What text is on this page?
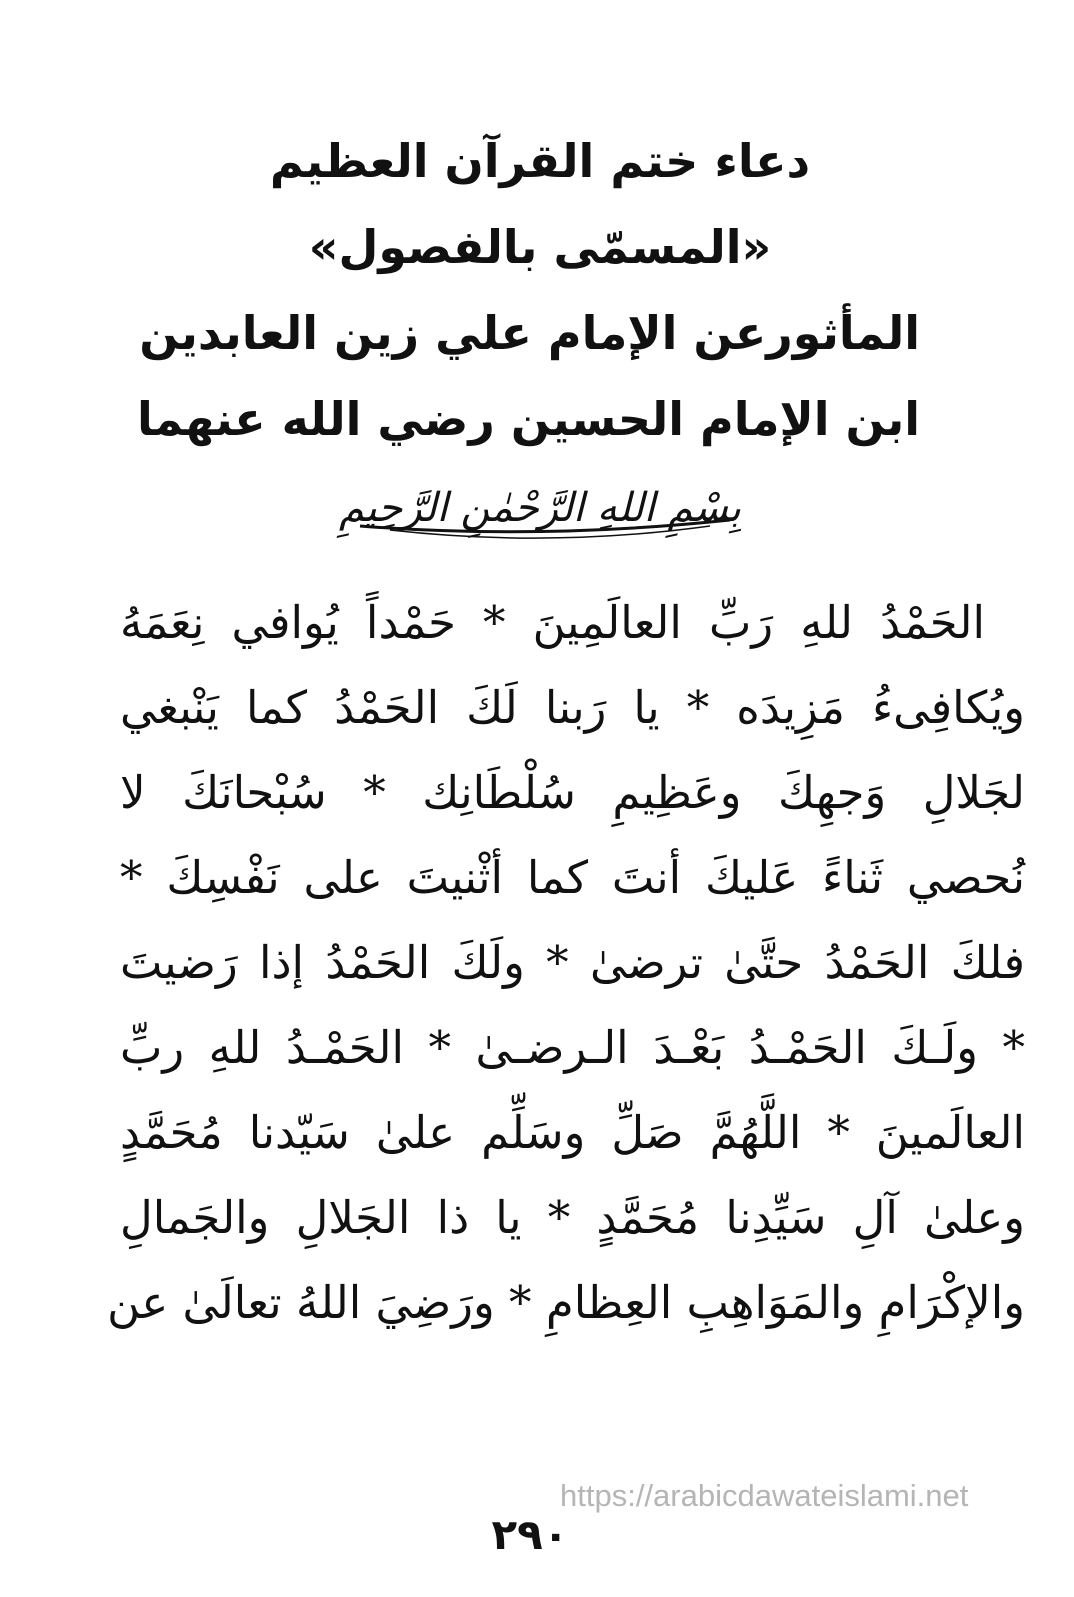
دعاء ختم القرآن العظيم
«المسمّى بالفصول»
المأثورعن الإمام علي زين العابدين
ابن الإمام الحسين رضي الله عنهما
بِسْمِ اللهِ الرَّحْمٰنِ الرَّحِيمِ
الحَمْدُ للهِ رَبِّ العالَمِينَ * حَمْداً يُوافي نِعَمَهُ
ويُكافِىءُ مَزِيدَه * يا رَبنا لَكَ الحَمْدُ كما يَنْبغي
لجَلالِ وَجهِكَ وعَظِيمِ سُلْطَانِك * سُبْحانَكَ لا
نُحصي ثَناءً عَليكَ أنتَ كما أثْنيتَ على نَفْسِكَ *
فلكَ الحَمْدُ حتَّىٰ ترضىٰ * ولَكَ الحَمْدُ إذا رَضيتَ
* ولَـكَ الحَمْـدُ بَعْـدَ الـرضـىٰ * الحَمْـدُ للهِ ربِّ
العالَمينَ * اللَّهُمَّ صَلِّ وسَلِّم علىٰ سَيّدنا مُحَمَّدٍ
وعلىٰ آلِ سَيِّدِنا مُحَمَّدٍ * يا ذا الجَلالِ والجَمالِ
والإكْرَامِ والمَوَاهِبِ العِظامِ * ورَضِيَ اللهُ تعالَىٰ عن
https://arabicdawateislami.net
٢٩٠
